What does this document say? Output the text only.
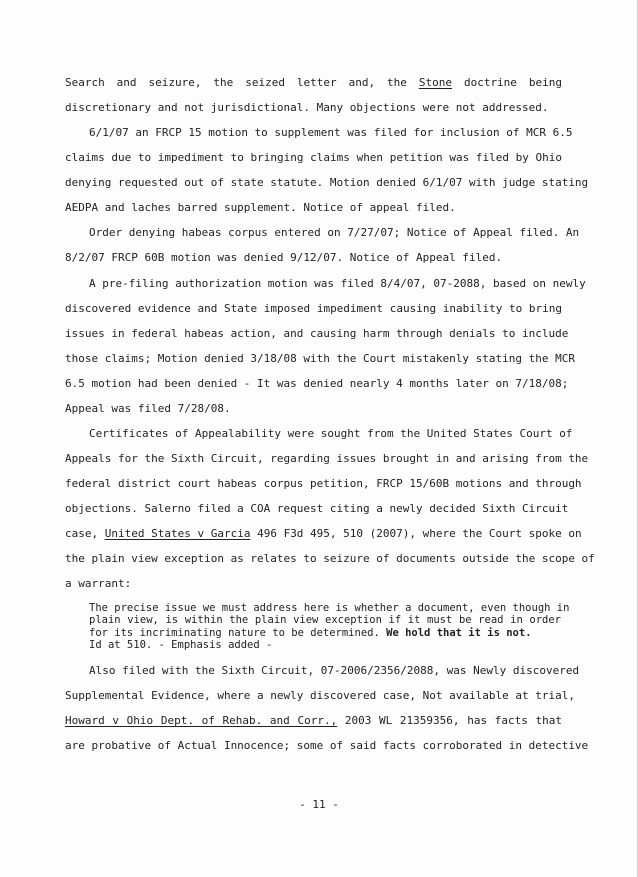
Search and seizure, the seized letter and, the Stone doctrine being
discretionary and not jurisdictional. Many objections were not addressed.
6/1/07 an FRCP 15 motion to supplement was filed for inclusion of MCR 6.5
claims due to impediment to bringing claims when petition was filed by Ohio
denying requested out of state statute. Motion denied 6/1/07 with judge stating
AEDPA and laches barred supplement. Notice of appeal filed.
Order denying habeas corpus entered on 7/27/07; Notice of Appeal filed. An
8/2/07 FRCP 60B motion was denied 9/12/07. Notice of Appeal filed.
A pre-filing authorization motion was filed 8/4/07, 07-2088, based on newly
discovered evidence and State imposed impediment causing inability to bring
issues in federal habeas action, and causing harm through denials to include
those claims; Motion denied 3/18/08 with the Court mistakenly stating the MCR
6.5 motion had been denied - It was denied nearly 4 months later on 7/18/08;
Appeal was filed 7/28/08.
Certificates of Appealability were sought from the United States Court of
Appeals for the Sixth Circuit, regarding issues brought in and arising from the
federal district court habeas corpus petition, FRCP 15/60B motions and through
objections. Salerno filed a COA request citing a newly decided Sixth Circuit
case, United States v Garcia 496 F3d 495, 510 (2007), where the Court spoke on
the plain view exception as relates to seizure of documents outside the scope of
a warrant:
Also filed with the Sixth Circuit, 07-2006/2356/2088, was Newly discovered
Supplemental Evidence, where a newly discovered case, Not available at trial,
Howard v Ohio Dept. of Rehab. and Corr., 2003 WL 21359356, has facts that
are probative of Actual Innocence; some of said facts corroborated in detective
The precise issue we must address here is whether a document, even though in
plain view, is within the plain view exception if it must be read in order
for its incriminating nature to be determined. We hold that it is not.
Id at 510. - Emphasis added -
- 11 -
